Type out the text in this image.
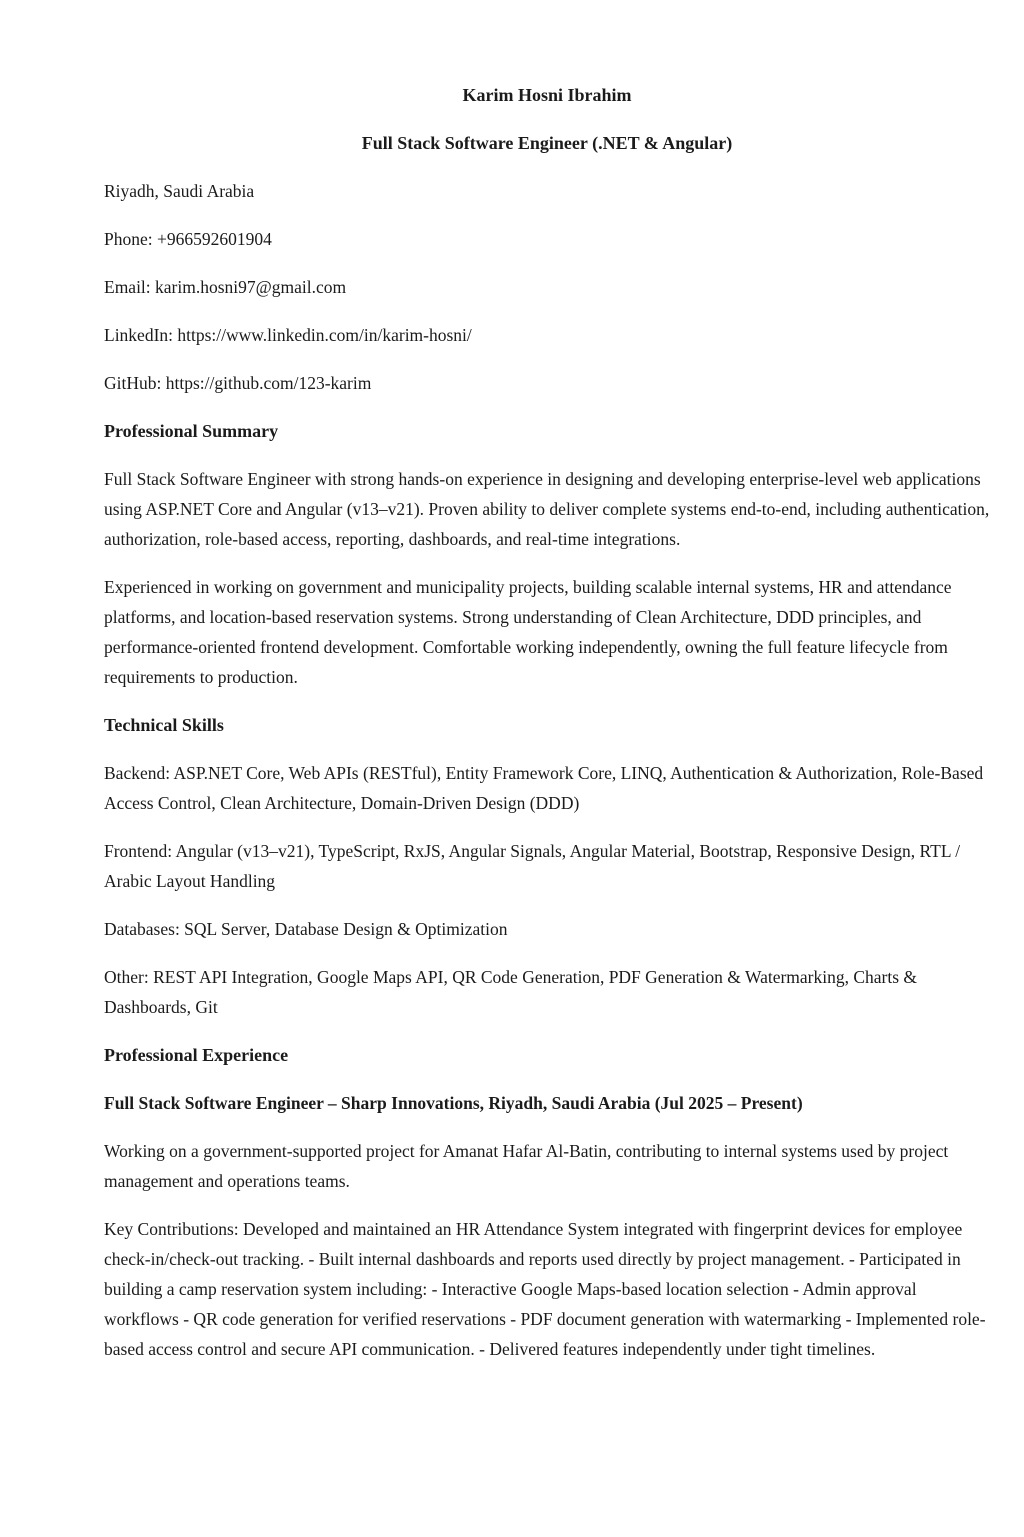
Karim Hosni Ibrahim

Full Stack Software Engineer (.NET & Angular)

Riyadh, Saudi Arabia

Phone: +966592601904

Email: karim.hosni97@gmail.com

LinkedIn: https://www.linkedin.com/in/karim-hosni/

GitHub: https://github.com/123-karim

Professional Summary

Full Stack Software Engineer with strong hands-on experience in designing and developing enterprise-level web applications using ASP.NET Core and Angular (v13–v21). Proven ability to deliver complete systems end-to-end, including authentication, authorization, role-based access, reporting, dashboards, and real-time integrations.

Experienced in working on government and municipality projects, building scalable internal systems, HR and attendance platforms, and location-based reservation systems. Strong understanding of Clean Architecture, DDD principles, and performance-oriented frontend development. Comfortable working independently, owning the full feature lifecycle from requirements to production.

Technical Skills

Backend: ASP.NET Core, Web APIs (RESTful), Entity Framework Core, LINQ, Authentication & Authorization, Role-Based Access Control, Clean Architecture, Domain-Driven Design (DDD)

Frontend: Angular (v13–v21), TypeScript, RxJS, Angular Signals, Angular Material, Bootstrap, Responsive Design, RTL / Arabic Layout Handling

Databases: SQL Server, Database Design & Optimization

Other: REST API Integration, Google Maps API, QR Code Generation, PDF Generation & Watermarking, Charts & Dashboards, Git

Professional Experience

Full Stack Software Engineer – Sharp Innovations, Riyadh, Saudi Arabia (Jul 2025 – Present)

Working on a government-supported project for Amanat Hafar Al-Batin, contributing to internal systems used by project management and operations teams.

Key Contributions: Developed and maintained an HR Attendance System integrated with fingerprint devices for employee check-in/check-out tracking. - Built internal dashboards and reports used directly by project management. - Participated in building a camp reservation system including: - Interactive Google Maps-based location selection - Admin approval workflows - QR code generation for verified reservations - PDF document generation with watermarking - Implemented role-based access control and secure API communication. - Delivered features independently under tight timelines.
